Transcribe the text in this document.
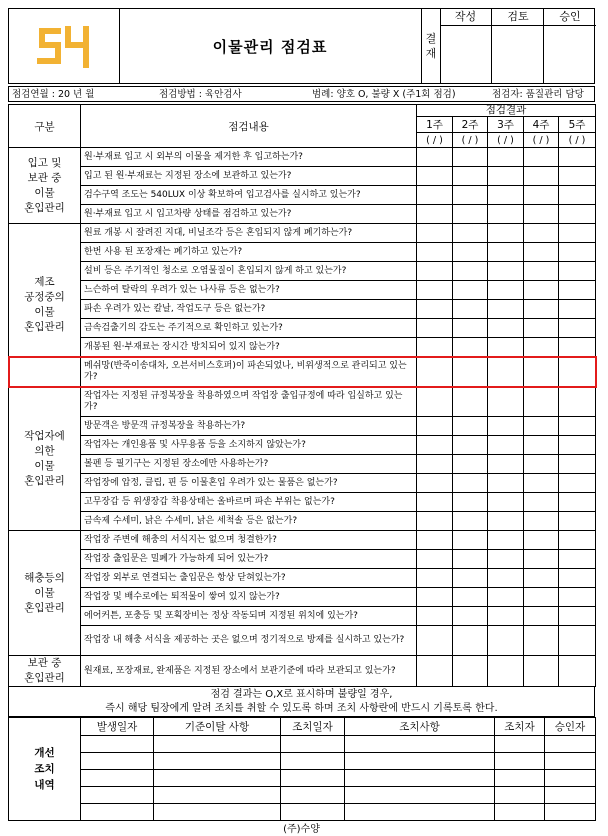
이물관리 점검표	결
재
작성	검토	승인
점검연월 : 20 년 월	점검방법 : 육안검사	범례: 양호 O, 불량 X (주1회 점검)	점검자: 품질관리 담당
구분	점검내용	점검결과				
		1주	2주	3주	4주	5주
		( / )	( / )	( / )	( / )	( / )

입고 및
보관 중
이물
혼입관리	원·부재료 입고 시 외부의 이물을 제거한 후 입고하는가?					
	입고 된 원·부재료는 지정된 장소에 보관하고 있는가?					
	검수구역 조도는 540LUX 이상 확보하여 입고검사를 실시하고 있는가?					
	원·부재료 입고 시 입고차량 상태를 점검하고 있는가?					

제조
공정중의
이물
혼입관리	원료 개봉 시 잘려진 지대, 비닐조각 등은 혼입되지 않게 폐기하는가?					
	한번 사용 된 포장재는 폐기하고 있는가?					
	설비 등은 주기적인 청소로 오염물질이 혼입되지 않게 하고 있는가?					
	느슨하여 탈락의 우려가 있는 나사류 등은 없는가?					
	파손 우려가 있는 칼날, 작업도구 등은 없는가?					
	금속검출기의 감도는 주기적으로 확인하고 있는가?					
	개봉된 원·부재료는 장시간 방치되어 있지 않는가?					
	메쉬망(반죽이송대차, 오븐서비스호퍼)이 파손되었나, 비위생적으로 관리되고 있는가?					

작업자에
의한
이물
혼입관리	작업자는 지정된 규정복장을 착용하였으며 작업장 출입규정에 따라 입실하고 있는가?					
	방문객은 방문객 규정복장을 착용하는가?					
	작업자는 개인용품 및 사무용품 등을 소지하지 않았는가?					
	볼펜 등 필기구는 지정된 장소에만 사용하는가?					
	작업장에 압정, 클립, 핀 등 이물혼입 우려가 있는 물품은 없는가?					
	고무장갑 등 위생장갑 착용상태는 올바르며 파손 부위는 없는가?					
	금속제 수세미, 낡은 수세미, 낡은 세척솔 등은 없는가?					

해충등의
이물
혼입관리	작업장 주변에 해충의 서식지는 없으며 청결한가?					
	작업장 출입문은 밀폐가 가능하게 되어 있는가?					
	작업장 외부로 연결되는 출입문은 항상 닫혀있는가?					
	작업장 및 배수로에는 퇴적물이 쌓여 있지 않는가?					
	에어커튼, 포충등 및 포획장비는 정상 작동되며 지정된 위치에 있는가?					
	작업장 내 해충 서식을 제공하는 곳은 없으며 정기적으로 방제를 실시하고 있는가?					

보관 중
혼입관리	원재료, 포장재료, 완제품은 지정된 장소에서 보관기준에 따라 보관되고 있는가?					
점검 결과는 O,X로 표시하며 불량일 경우,
즉시 해당 팀장에게 알려 조치를 취할 수 있도록 하며 조치 사항란에 반드시 기록토록 한다.
개선
조치
내역	발생일자	기준이탈 사항	조치일자	조치사항	조치자	승인자

(주)수양
